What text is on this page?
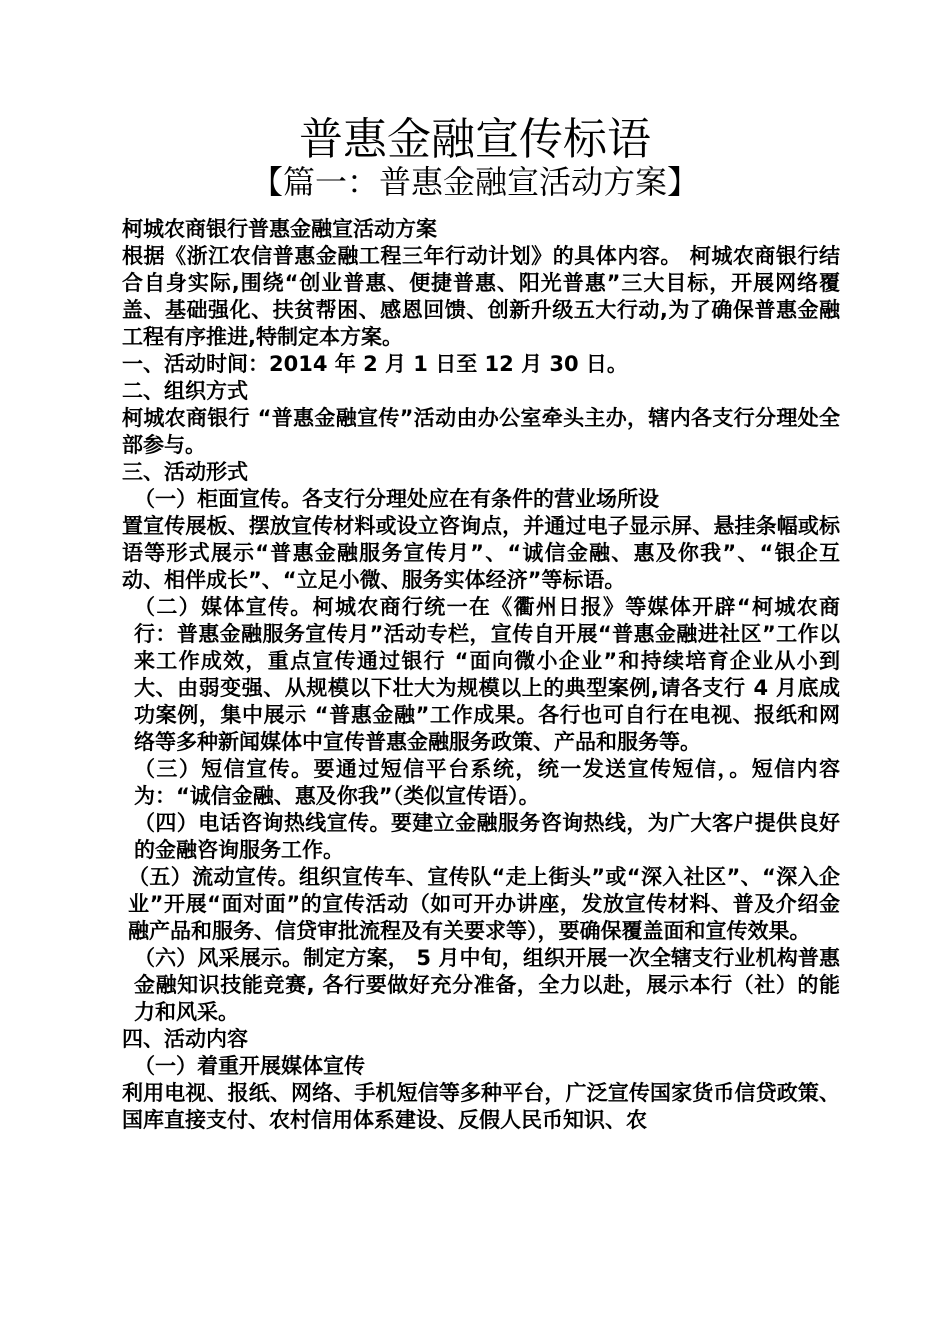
普惠金融宣传标语
【篇一：普惠金融宣活动方案】

柯城农商银行普惠金融宣活动方案

根据《浙江农信普惠金融工程三年行动计划》的具体内容。 柯城农商银行结合自身实际,围绕“创业普惠、便捷普惠、阳光普惠”三大目标，开展网络覆盖、基础强化、扶贫帮困、感恩回馈、创新升级五大行动,为了确保普惠金融工程有序推进,特制定本方案。

一、活动时间：2014 年 2 月 1 日至 12 月 30 日。

二、组织方式

柯城农商银行 “普惠金融宣传”活动由办公室牵头主办，辖内各支行分理处全部参与。

三、活动形式

（一）柜面宣传。各支行分理处应在有条件的营业场所设

置宣传展板、摆放宣传材料或设立咨询点，并通过电子显示屏、悬挂条幅或标语等形式展示“普惠金融服务宣传月”、“诚信金融、惠及你我”、“银企互动、相伴成长”、“立足小微、服务实体经济”等标语。

（二）媒体宣传。柯城农商行统一在《衢州日报》等媒体开辟“柯城农商行：普惠金融服务宣传月”活动专栏，宣传自开展“普惠金融进社区”工作以来工作成效，重点宣传通过银行 “面向微小企业”和持续培育企业从小到大、由弱变强、从规模以下壮大为规模以上的典型案例,请各支行 4 月底成功案例，集中展示 “普惠金融”工作成果。各行也可自行在电视、报纸和网络等多种新闻媒体中宣传普惠金融服务政策、产品和服务等。

（三）短信宣传。要通过短信平台系统，统一发送宣传短信，。短信内容为：“诚信金融、惠及你我”（类似宣传语）。

（四）电话咨询热线宣传。要建立金融服务咨询热线，为广大客户提供良好的金融咨询服务工作。

（五）流动宣传。组织宣传车、宣传队“走上街头”或“深入社区”、“深入企业”开展“面对面”的宣传活动（如可开办讲座，发放宣传材料、普及介绍金融产品和服务、信贷审批流程及有关要求等），要确保覆盖面和宣传效果。

（六）风采展示。制定方案， 5 月中旬，组织开展一次全辖支行业机构普惠金融知识技能竞赛, 各行要做好充分准备，全力以赴，展示本行（社）的能力和风采。

四、活动内容

（一）着重开展媒体宣传

利用电视、报纸、网络、手机短信等多种平台，广泛宣传国家货币信贷政策、国库直接支付、农村信用体系建设、反假人民币知识、农
